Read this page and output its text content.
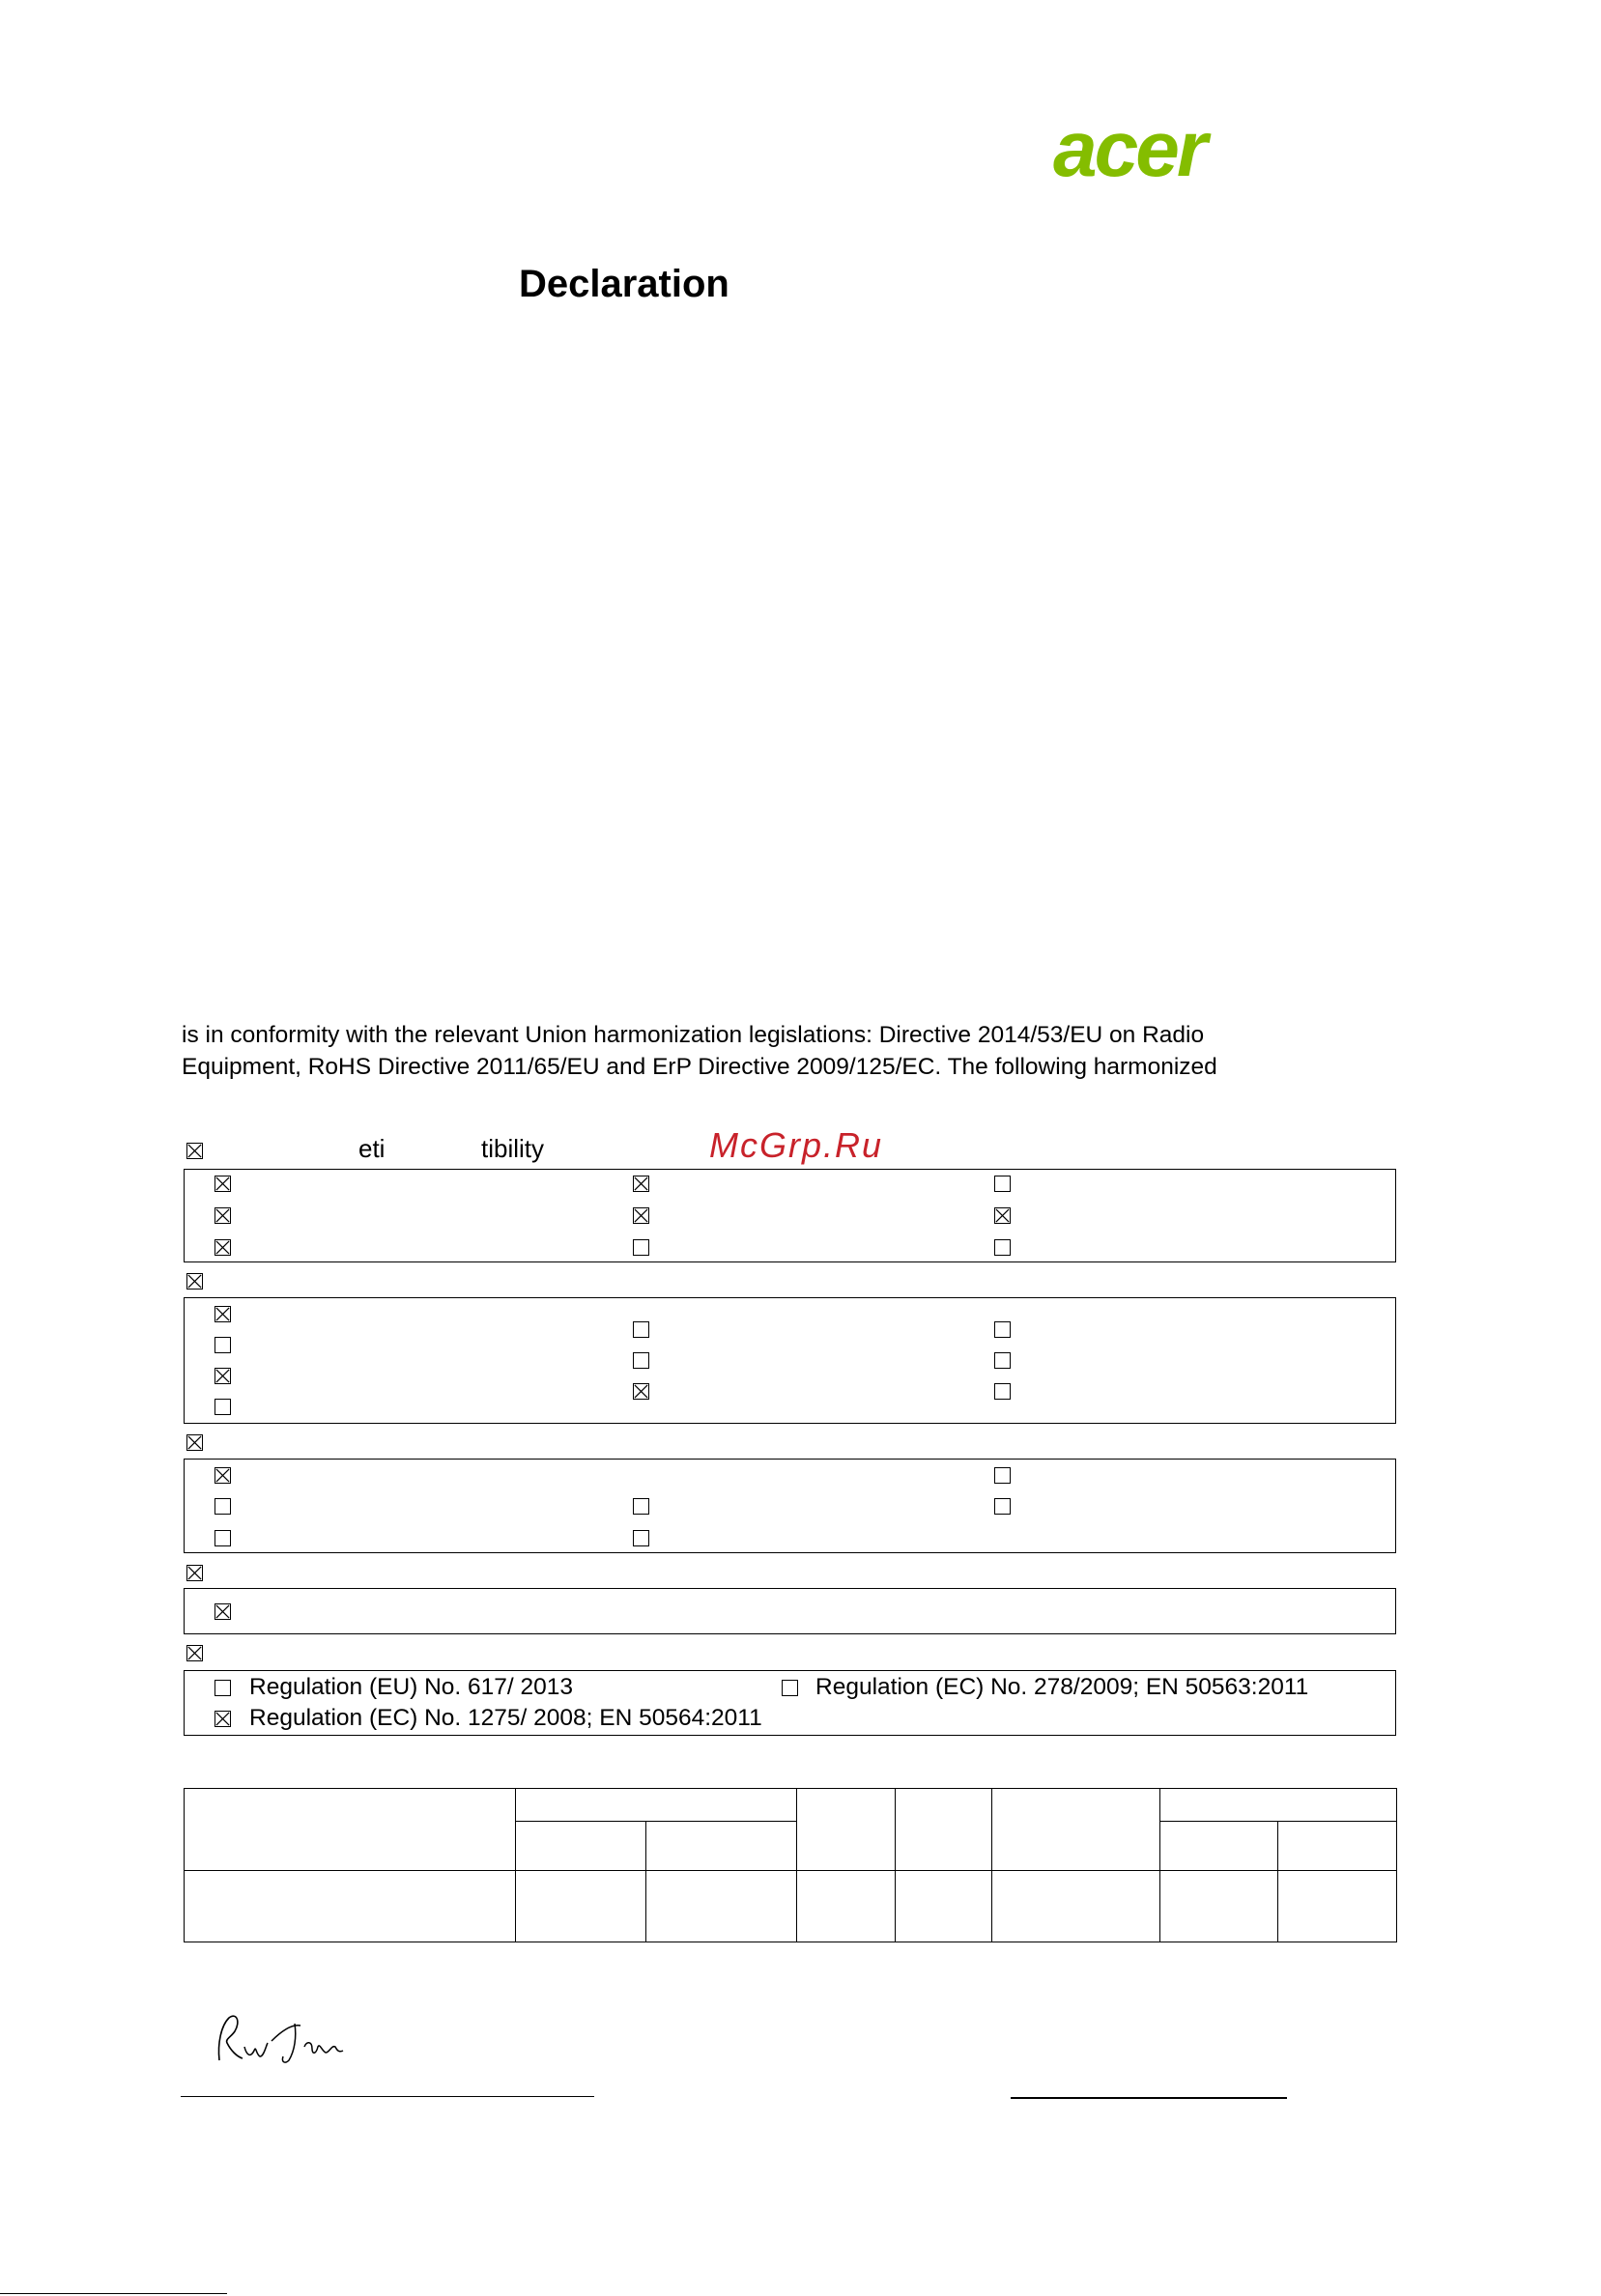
acer
Declaration
is in conformity with the relevant Union harmonization legislations: Directive 2014/53/EU on Radio
Equipment, RoHS Directive 2011/65/EU and ErP Directive 2009/125/EC. The following harmonized
eti	tibility	McGrp.Ru
Regulation (EU) No. 617/ 2013	Regulation (EC) No. 278/2009; EN 50563:2011
Regulation (EC) No. 1275/ 2008; EN 50564:2011
